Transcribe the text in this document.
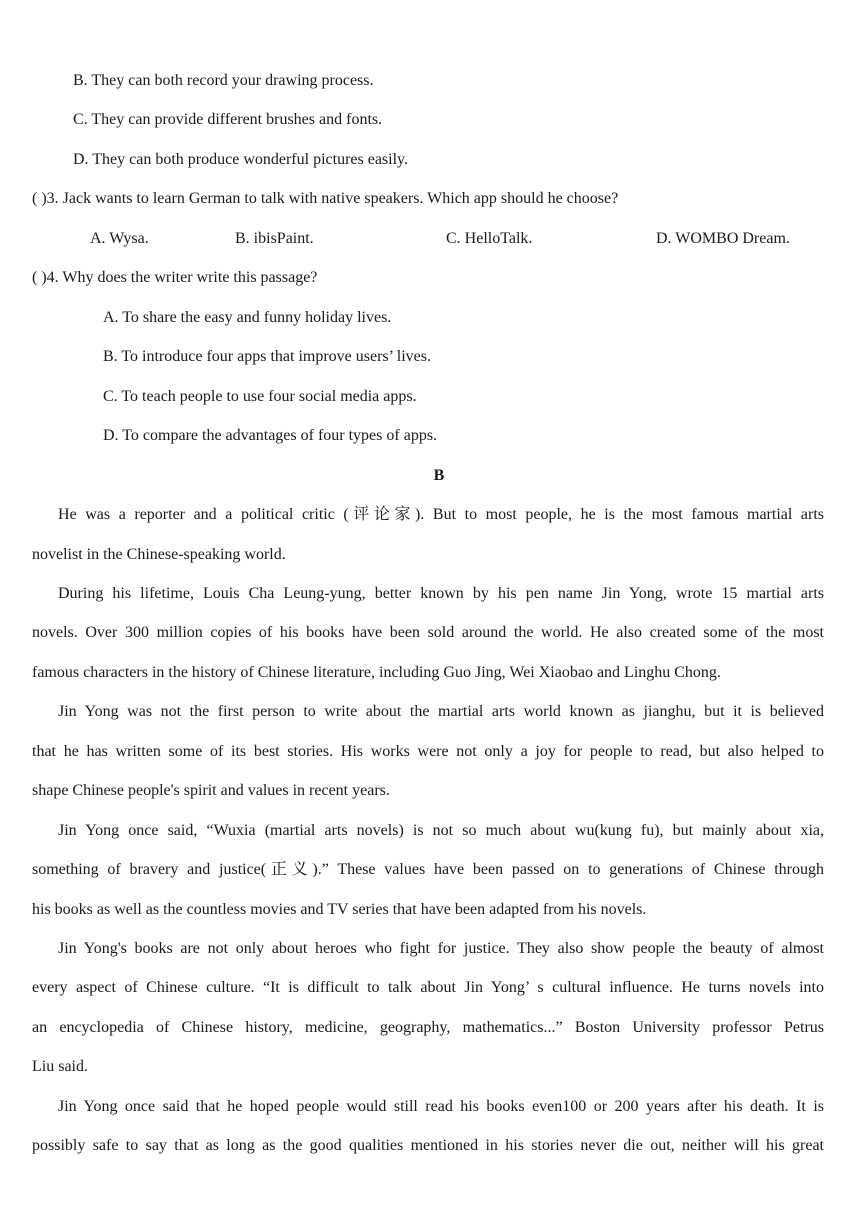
B. They can both record your drawing process.
C. They can provide different brushes and fonts.
D. They can both produce wonderful pictures easily.
( )3. Jack wants to learn German to talk with native speakers. Which app should he choose?
A. Wysa.	B. ibisPaint.	C. HelloTalk.	D. WOMBO Dream.
( )4. Why does the writer write this passage?
A. To share the easy and funny holiday lives.
B. To introduce four apps that improve users’ lives.
C. To teach people to use four social media apps.
D. To compare the advantages of four types of apps.
B
He was a reporter and a political critic (评论家). But to most people, he is the most famous martial arts
novelist in the Chinese-speaking world.
During his lifetime, Louis Cha Leung-yung, better known by his pen name Jin Yong, wrote 15 martial arts
novels. Over 300 million copies of his books have been sold around the world. He also created some of the most
famous characters in the history of Chinese literature, including Guo Jing, Wei Xiaobao and Linghu Chong.
Jin Yong was not the first person to write about the martial arts world known as jianghu, but it is believed
that he has written some of its best stories. His works were not only a joy for people to read, but also helped to
shape Chinese people's spirit and values in recent years.
Jin Yong once said, “Wuxia (martial arts novels) is not so much about wu(kung fu), but mainly about xia,
something of bravery and justice(正义).” These values have been passed on to generations of Chinese through
his books as well as the countless movies and TV series that have been adapted from his novels.
Jin Yong's books are not only about heroes who fight for justice. They also show people the beauty of almost
every aspect of Chinese culture. “It is difficult to talk about Jin Yong’ s cultural influence. He turns novels into
an encyclopedia of Chinese history, medicine, geography, mathematics...” Boston University professor Petrus
Liu said.
Jin Yong once said that he hoped people would still read his books even100 or 200 years after his death. It is
possibly safe to say that as long as the good qualities mentioned in his stories never die out, neither will his great
